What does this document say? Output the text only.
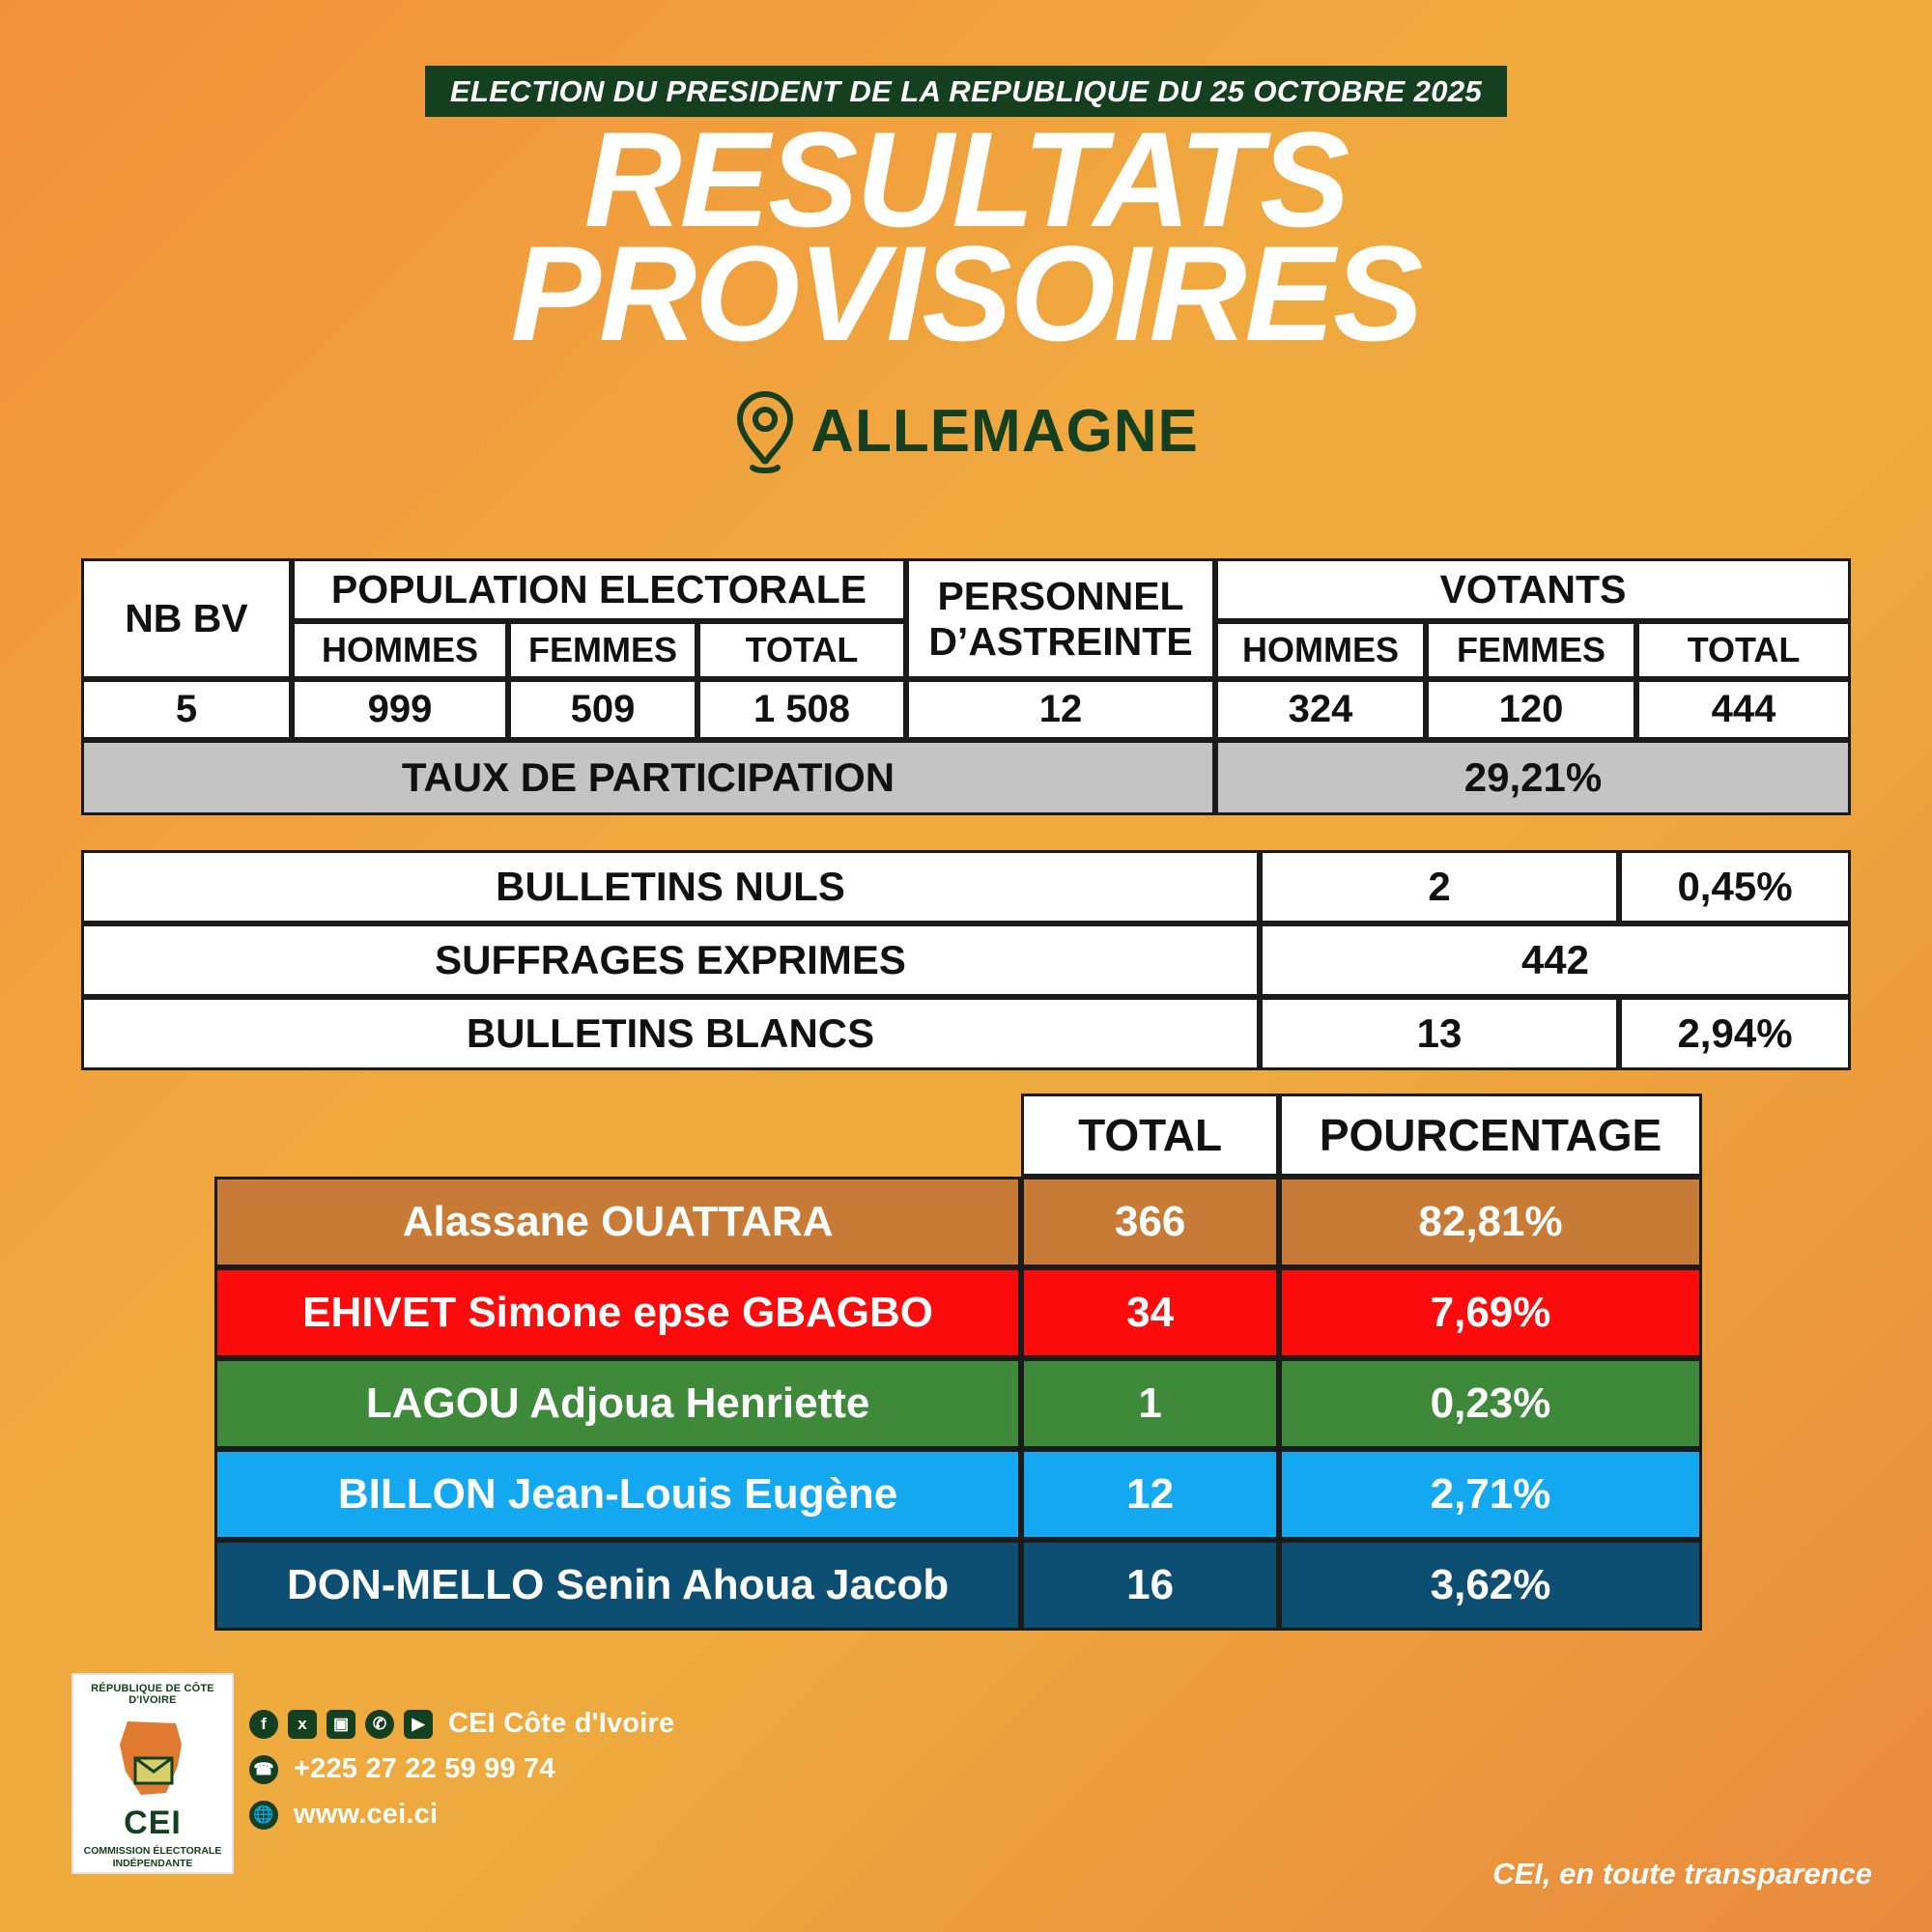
ELECTION DU PRESIDENT DE LA REPUBLIQUE DU 25 OCTOBRE 2025
RESULTATS
PROVISOIRES
ALLEMAGNE
NB BV	POPULATION ELECTORALE			PERSONNEL D’ASTREINTE	VOTANTS		
	HOMMES	FEMMES	TOTAL		HOMMES	FEMMES	TOTAL
5	999	509	1 508	12	324	120	444
TAUX DE PARTICIPATION					29,21%		
BULLETINS NULS	2	0,45%
SUFFRAGES EXPRIMES	442	
BULLETINS BLANCS	13	2,94%
	TOTAL	POURCENTAGE
Alassane OUATTARA	366	82,81%
EHIVET Simone epse GBAGBO	34	7,69%
LAGOU Adjoua Henriette	1	0,23%
BILLON Jean-Louis Eugène	12	2,71%
DON-MELLO Senin Ahoua Jacob	16	3,62%
RÉPUBLIQUE DE CÔTE D'IVOIRE
CEI
COMMISSION ÉLECTORALE INDÉPENDANTE
f	x	▣	✆	▶ CEI Côte d'Ivoire
☎ +225 27 22 59 99 74
🌐 www.cei.ci
CEI, en toute transparence
